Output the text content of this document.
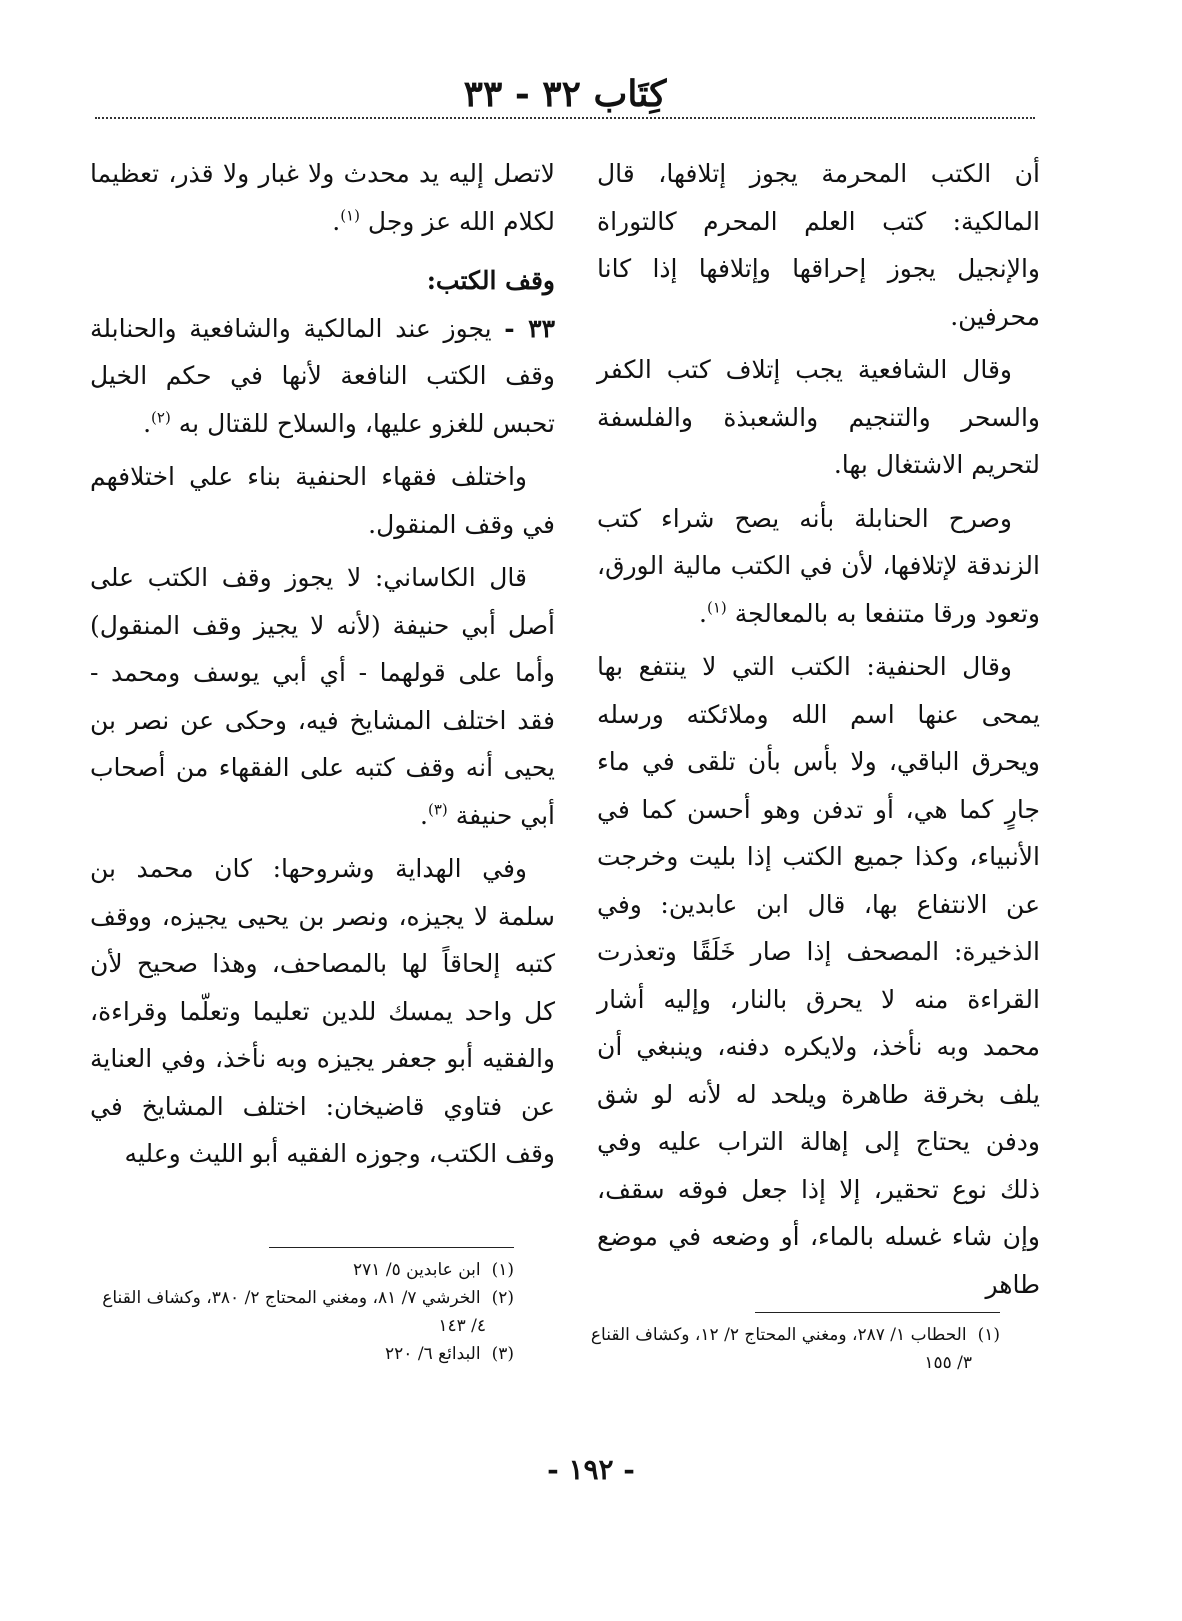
كِتَاب ٣٢ - ٣٣

أن الكتب المحرمة يجوز إتلافها، قال المالكية: كتب العلم المحرم كالتوراة والإنجيل يجوز إحراقها وإتلافها إذا كانا محرفين.

وقال الشافعية يجب إتلاف كتب الكفر والسحر والتنجيم والشعبذة والفلسفة لتحريم الاشتغال بها.

وصرح الحنابلة بأنه يصح شراء كتب الزندقة لإتلافها، لأن في الكتب مالية الورق، وتعود ورقا متنفعا به بالمعالجة $^{(١)}$.

وقال الحنفية: الكتب التي لا ينتفع بها يمحى عنها اسم الله وملائكته ورسله ويحرق الباقي، ولا بأس بأن تلقى في ماء جارٍ كما هي، أو تدفن وهو أحسن كما في الأنبياء، وكذا جميع الكتب إذا بليت وخرجت عن الانتفاع بها، قال ابن عابدين: وفي الذخيرة: المصحف إذا صار خَلَقًا وتعذرت القراءة منه لا يحرق بالنار، وإليه أشار محمد وبه نأخذ، ولايكره دفنه، وينبغي أن يلف بخرقة طاهرة ويلحد له لأنه لو شق ودفن يحتاج إلى إهالة التراب عليه وفي ذلك نوع تحقير، إلا إذا جعل فوقه سقف، وإن شاء غسله بالماء، أو وضعه في موضع طاهر

لاتصل إليه يد محدث ولا غبار ولا قذر، تعظيما لكلام الله عز وجل $^{(١)}$.

وقف الكتب:

٣٣ - يجوز عند المالكية والشافعية والحنابلة وقف الكتب النافعة لأنها في حكم الخيل تحبس للغزو عليها، والسلاح للقتال به $^{(٢)}$.

واختلف فقهاء الحنفية بناء علي اختلافهم في وقف المنقول.

قال الكاساني: لا يجوز وقف الكتب على أصل أبي حنيفة (لأنه لا يجيز وقف المنقول) وأما على قولهما - أي أبي يوسف ومحمد - فقد اختلف المشايخ فيه، وحكى عن نصر بن يحيى أنه وقف كتبه على الفقهاء من أصحاب أبي حنيفة $^{(٣)}$.

وفي الهداية وشروحها: كان محمد بن سلمة لا يجيزه، ونصر بن يحيى يجيزه، ووقف كتبه إلحاقاً لها بالمصاحف، وهذا صحيح لأن كل واحد يمسك للدين تعليما وتعلّما وقراءة، والفقيه أبو جعفر يجيزه وبه نأخذ، وفي العناية عن فتاوي قاضيخان: اختلف المشايخ في وقف الكتب، وجوزه الفقيه أبو الليث وعليه

(١) الحطاب ١/ ٢٨٧، ومغني المحتاج ٢/ ١٢، وكشاف القناع

٣/ ١٥٥

(١) ابن عابدين ٥/ ٢٧١

(٢) الخرشي ٧/ ٨١، ومغني المحتاج ٢/ ٣٨٠، وكشاف القناع

٤/ ١٤٣

(٣) البدائع ٦/ ٢٢٠

- ١٩٢ -
